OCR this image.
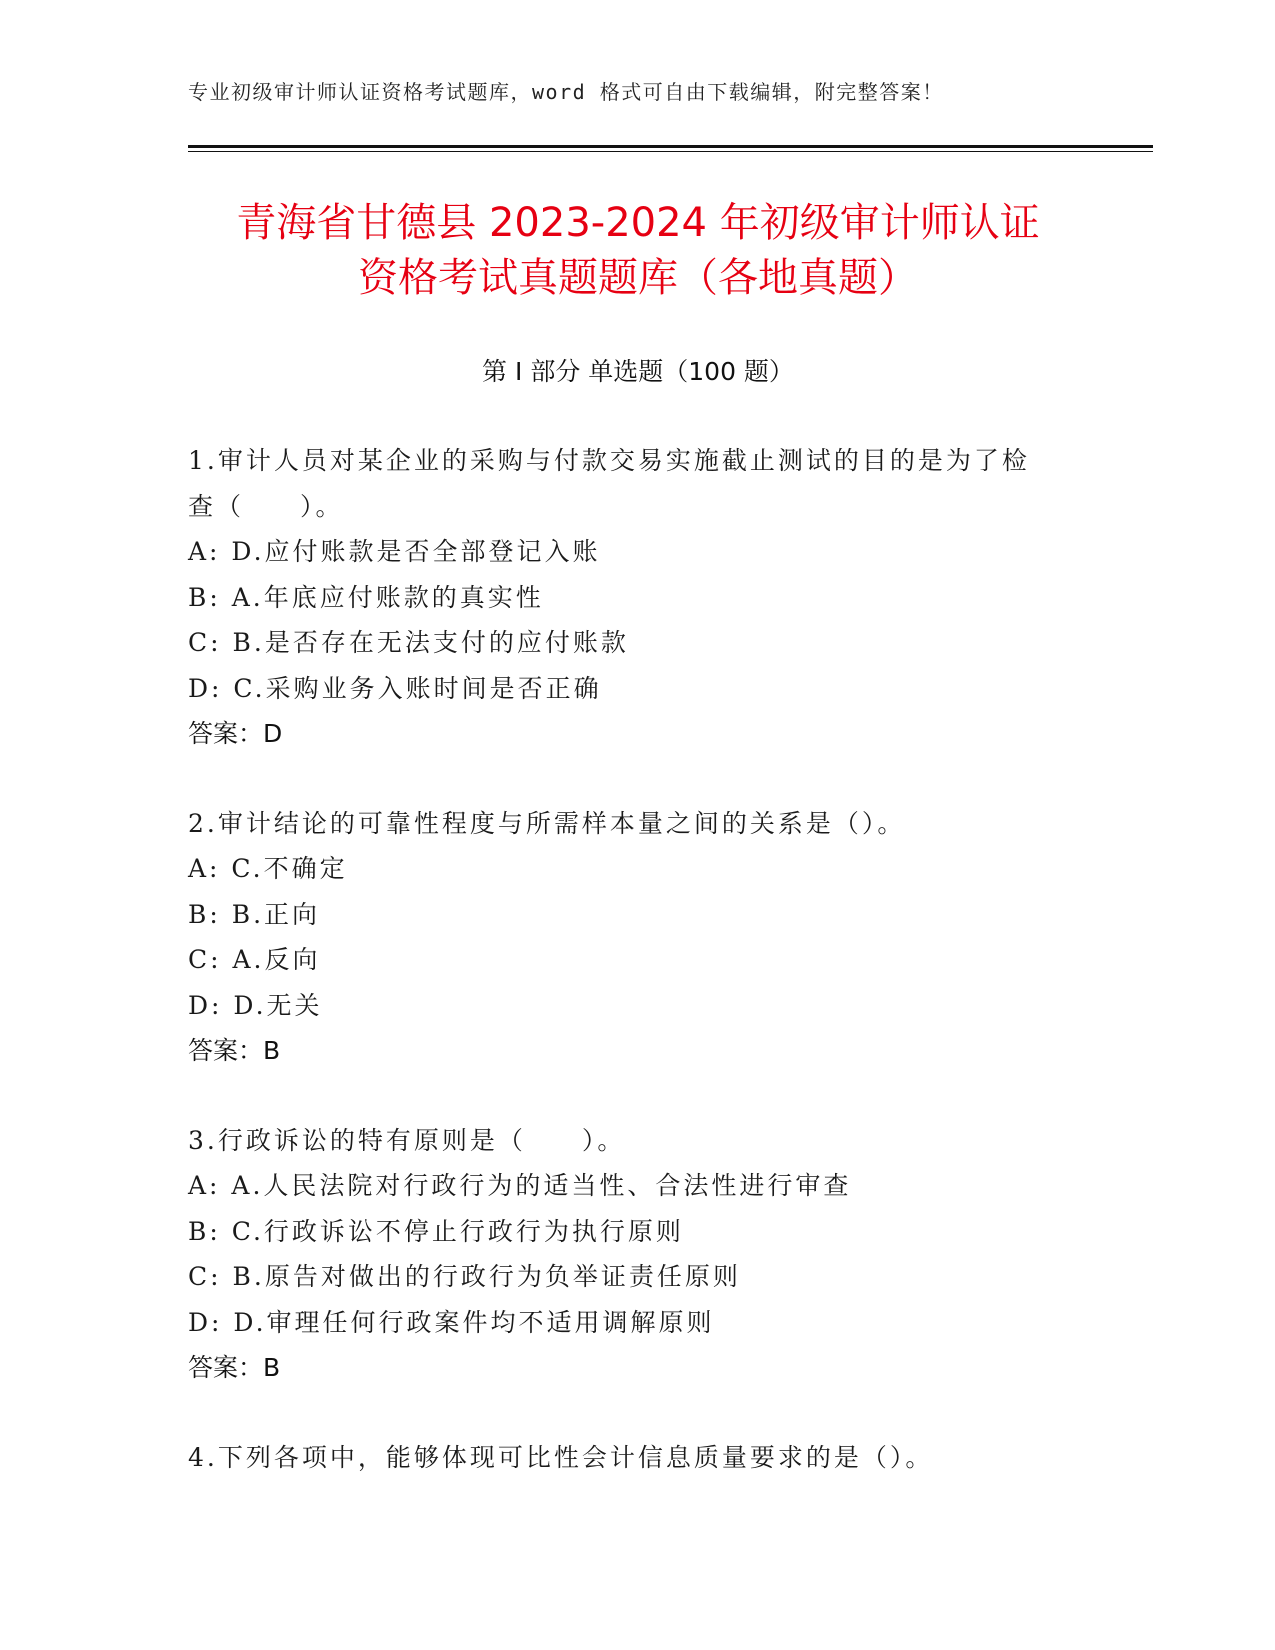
专业初级审计师认证资格考试题库，word 格式可自由下载编辑，附完整答案！
青海省甘德县 2023-2024 年初级审计师认证
资格考试真题题库（各地真题）
第 I 部分 单选题（100 题）
1.审计人员对某企业的采购与付款交易实施截止测试的目的是为了检
查（　　）。
A: D.应付账款是否全部登记入账
B: A.年底应付账款的真实性
C: B.是否存在无法支付的应付账款
D: C.采购业务入账时间是否正确
答案：D
2.审计结论的可靠性程度与所需样本量之间的关系是（）。
A: C.不确定
B: B.正向
C: A.反向
D: D.无关
答案：B
3.行政诉讼的特有原则是（　　）。
A: A.人民法院对行政行为的适当性、合法性进行审查
B: C.行政诉讼不停止行政行为执行原则
C: B.原告对做出的行政行为负举证责任原则
D: D.审理任何行政案件均不适用调解原则
答案：B
4.下列各项中，能够体现可比性会计信息质量要求的是（）。
